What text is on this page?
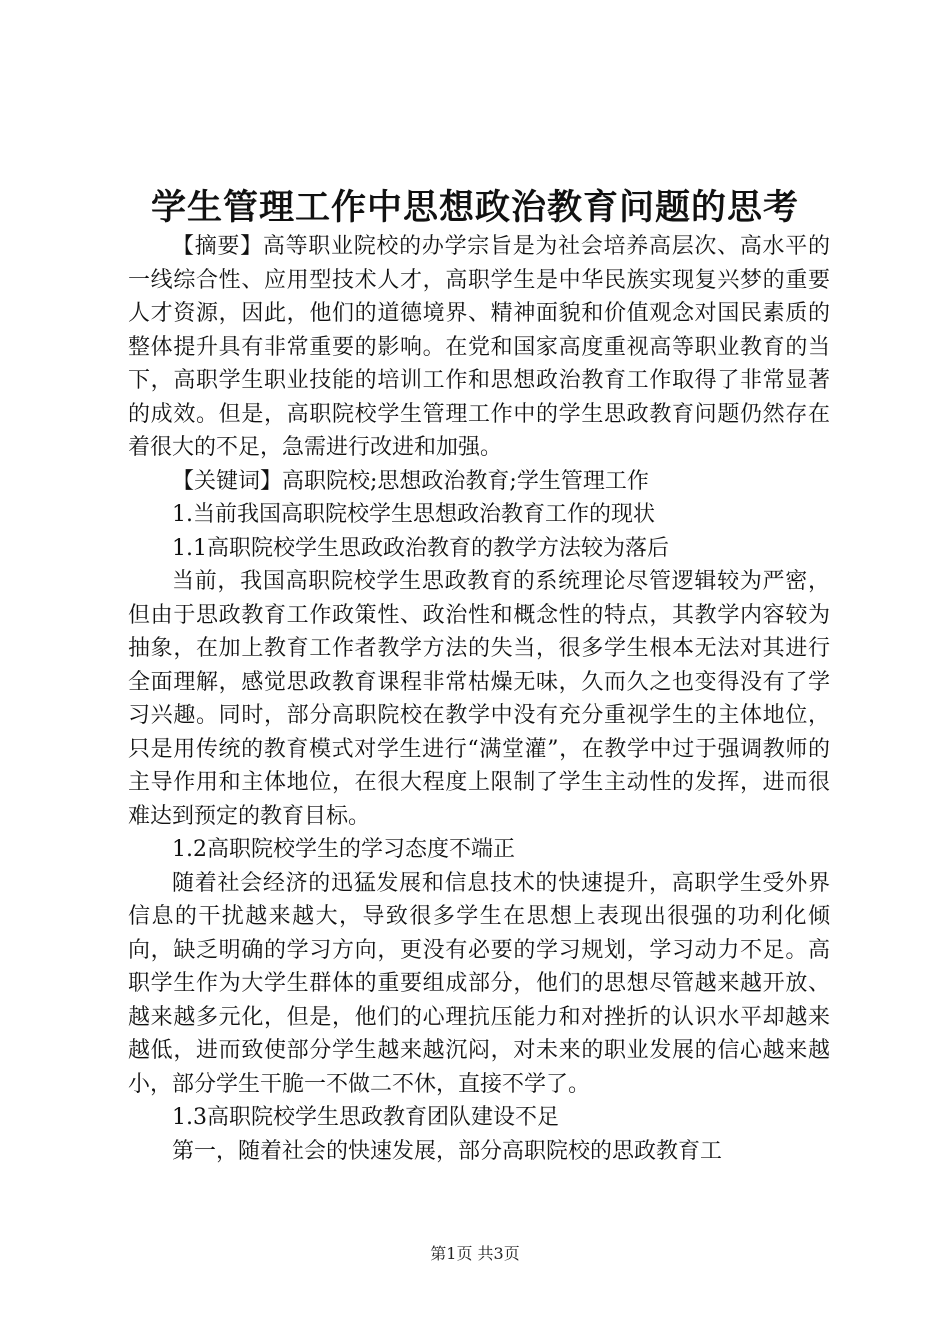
学生管理工作中思想政治教育问题的思考

【摘要】高等职业院校的办学宗旨是为社会培养高层次、高水平的一线综合性、应用型技术人才，高职学生是中华民族实现复兴梦的重要人才资源，因此，他们的道德境界、精神面貌和价值观念对国民素质的整体提升具有非常重要的影响。在党和国家高度重视高等职业教育的当下，高职学生职业技能的培训工作和思想政治教育工作取得了非常显著的成效。但是，高职院校学生管理工作中的学生思政教育问题仍然存在着很大的不足，急需进行改进和加强。

【关键词】高职院校;思想政治教育;学生管理工作

1.当前我国高职院校学生思想政治教育工作的现状

1.1高职院校学生思政政治教育的教学方法较为落后

当前，我国高职院校学生思政教育的系统理论尽管逻辑较为严密，但由于思政教育工作政策性、政治性和概念性的特点，其教学内容较为抽象，在加上教育工作者教学方法的失当，很多学生根本无法对其进行全面理解，感觉思政教育课程非常枯燥无味，久而久之也变得没有了学习兴趣。同时，部分高职院校在教学中没有充分重视学生的主体地位，只是用传统的教育模式对学生进行“满堂灌”，在教学中过于强调教师的主导作用和主体地位，在很大程度上限制了学生主动性的发挥，进而很难达到预定的教育目标。

1.2高职院校学生的学习态度不端正

随着社会经济的迅猛发展和信息技术的快速提升，高职学生受外界信息的干扰越来越大，导致很多学生在思想上表现出很强的功利化倾向，缺乏明确的学习方向，更没有必要的学习规划，学习动力不足。高职学生作为大学生群体的重要组成部分，他们的思想尽管越来越开放、越来越多元化，但是，他们的心理抗压能力和对挫折的认识水平却越来越低，进而致使部分学生越来越沉闷，对未来的职业发展的信心越来越小，部分学生干脆一不做二不休，直接不学了。

1.3高职院校学生思政教育团队建设不足

第一，随着社会的快速发展，部分高职院校的思政教育工

第1页 共3页
